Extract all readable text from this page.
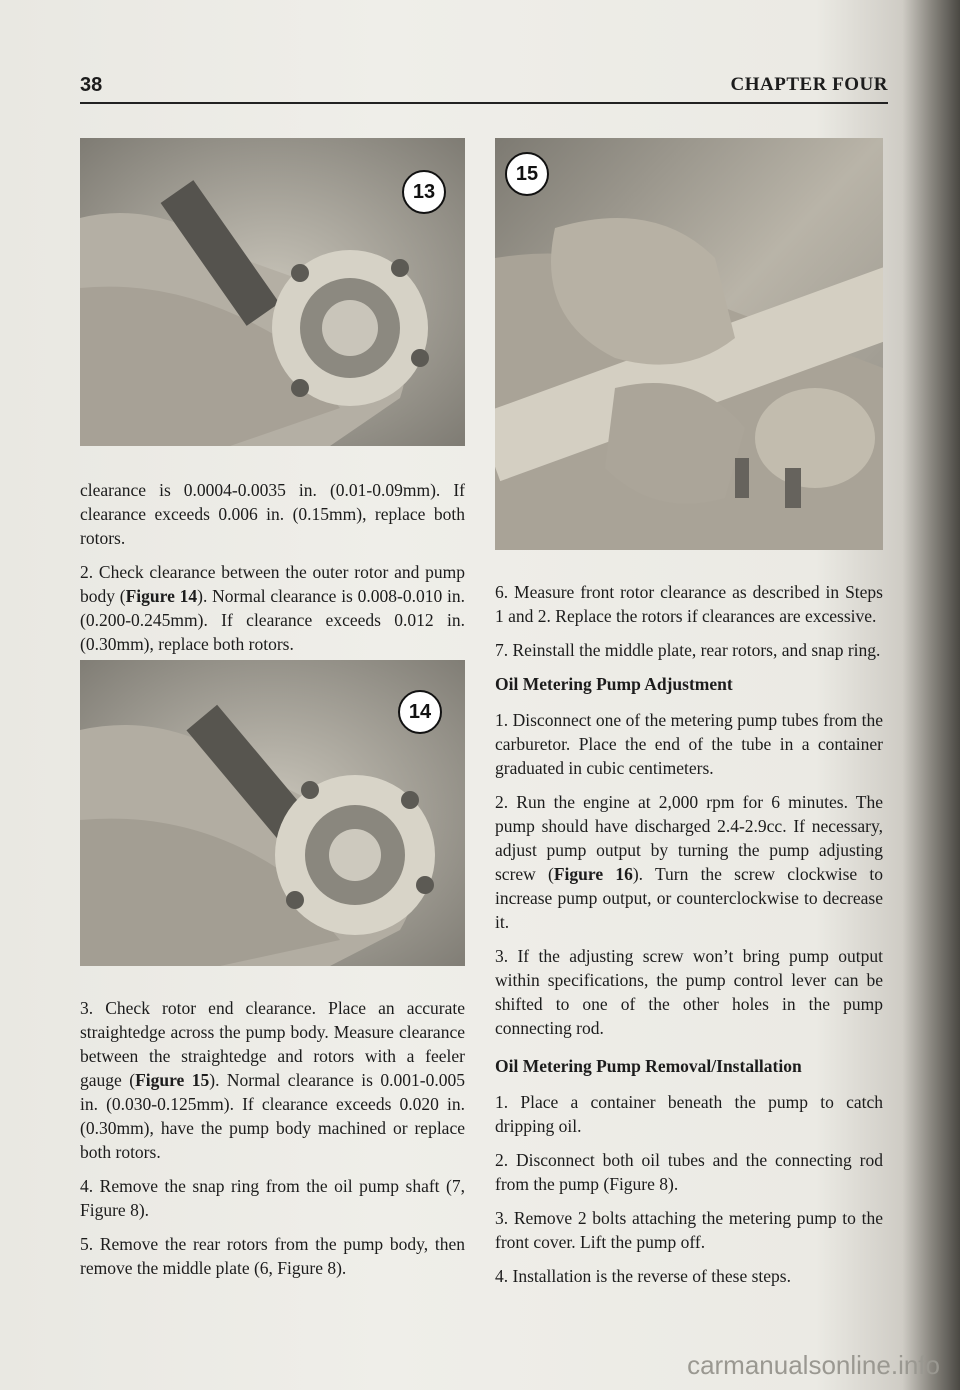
38	CHAPTER FOUR
13
14
15

clearance is 0.0004-0.0035 in. (0.01-0.09mm). If clearance exceeds 0.006 in. (0.15mm), replace both rotors.

2. Check clearance between the outer rotor and pump body (Figure 14). Normal clearance is 0.008-0.010 in. (0.200-0.245mm). If clearance exceeds 0.012 in. (0.30mm), replace both rotors.

3. Check rotor end clearance. Place an accurate straightedge across the pump body. Measure clearance between the straightedge and rotors with a feeler gauge (Figure 15). Normal clearance is 0.001-0.005 in. (0.030-0.125mm). If clearance exceeds 0.020 in. (0.30mm), have the pump body machined or replace both rotors.

4. Remove the snap ring from the oil pump shaft (7, Figure 8).

5. Remove the rear rotors from the pump body, then remove the middle plate (6, Figure 8).

6. Measure front rotor clearance as described in Steps 1 and 2. Replace the rotors if clearances are excessive.

7. Reinstall the middle plate, rear rotors, and snap ring.

Oil Metering Pump Adjustment

1. Disconnect one of the metering pump tubes from the carburetor. Place the end of the tube in a container graduated in cubic centimeters.

2. Run the engine at 2,000 rpm for 6 minutes. The pump should have discharged 2.4-2.9cc. If necessary, adjust pump output by turning the pump adjusting screw (Figure 16). Turn the screw clockwise to increase pump output, or counterclockwise to decrease it.

3. If the adjusting screw won’t bring pump output within specifications, the pump control lever can be shifted to one of the other holes in the pump connecting rod.

Oil Metering Pump Removal/Installation

1. Place a container beneath the pump to catch dripping oil.

2. Disconnect both oil tubes and the connecting rod from the pump (Figure 8).

3. Remove 2 bolts attaching the metering pump to the front cover. Lift the pump off.

4. Installation is the reverse of these steps.

carmanualsonline.info
